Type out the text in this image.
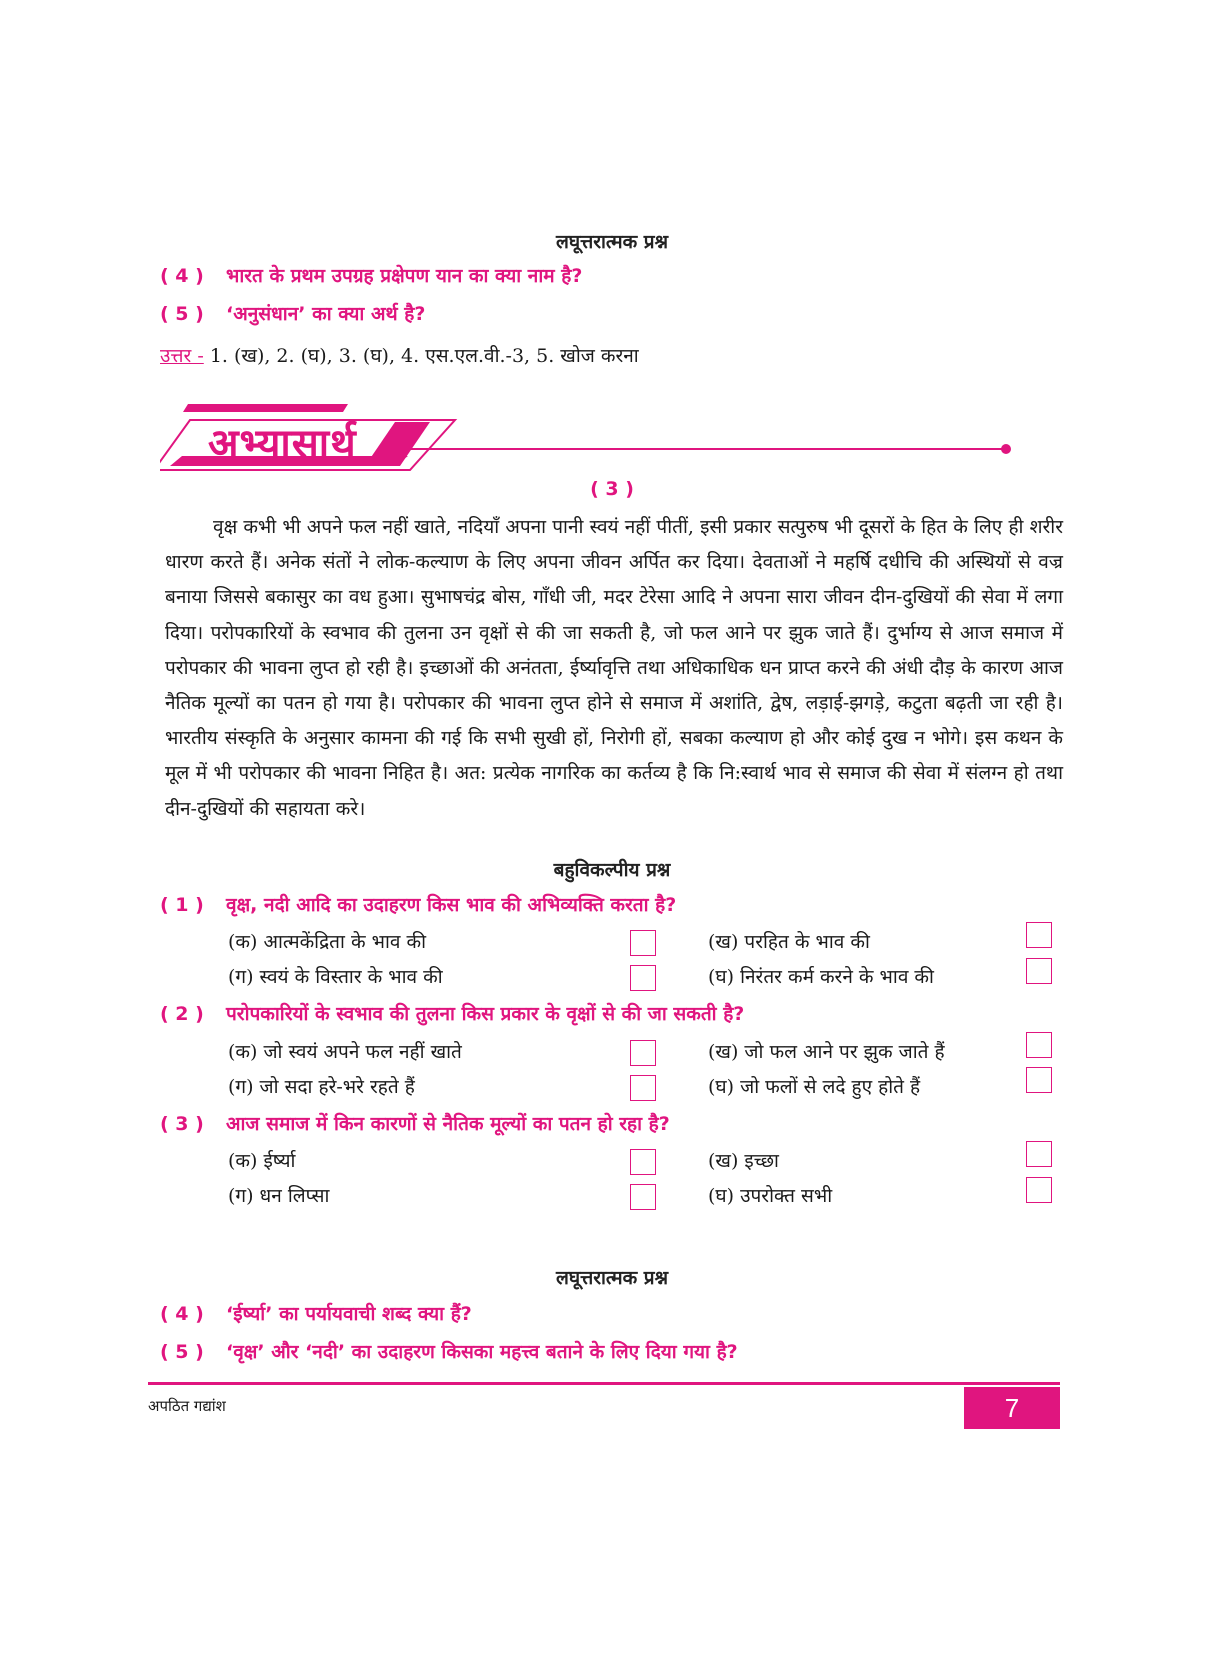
लघूत्तरात्मक प्रश्न
( 4 ) भारत के प्रथम उपग्रह प्रक्षेपण यान का क्या नाम है?
( 5 ) ‘अनुसंधान’ का क्या अर्थ है?
उत्तर - 1. (ख), 2. (घ), 3. (घ), 4. एस.एल.वी.-3, 5. खोज करना
अभ्यासार्थ
( 3 )
वृक्ष कभी भी अपने फल नहीं खाते, नदियाँ अपना पानी स्वयं नहीं पीतीं, इसी प्रकार सत्पुरुष भी दूसरों के हित के लिए ही शरीर धारण करते हैं। अनेक संतों ने लोक-कल्याण के लिए अपना जीवन अर्पित कर दिया। देवताओं ने महर्षि दधीचि की अस्थियों से वज्र बनाया जिससे बकासुर का वध हुआ। सुभाषचंद्र बोस, गाँधी जी, मदर टेरेसा आदि ने अपना सारा जीवन दीन-दुखियों की सेवा में लगा दिया। परोपकारियों के स्वभाव की तुलना उन वृक्षों से की जा सकती है, जो फल आने पर झुक जाते हैं। दुर्भाग्य से आज समाज में परोपकार की भावना लुप्त हो रही है। इच्छाओं की अनंतता, ईर्ष्यावृत्ति तथा अधिकाधिक धन प्राप्त करने की अंधी दौड़ के कारण आज नैतिक मूल्यों का पतन हो गया है। परोपकार की भावना लुप्त होने से समाज में अशांति, द्वेष, लड़ाई-झगड़े, कटुता बढ़ती जा रही है। भारतीय संस्कृति के अनुसार कामना की गई कि सभी सुखी हों, निरोगी हों, सबका कल्याण हो और कोई दुख न भोगे। इस कथन के मूल में भी परोपकार की भावना निहित है। अत: प्रत्येक नागरिक का कर्तव्य है कि नि:स्वार्थ भाव से समाज की सेवा में संलग्न हो तथा दीन-दुखियों की सहायता करे।
बहुविकल्पीय प्रश्न
( 1 ) वृक्ष, नदी आदि का उदाहरण किस भाव की अभिव्यक्ति करता है?
(क) आत्मकेंद्रिता के भाव की	(ख) परहित के भाव की
(ग) स्वयं के विस्तार के भाव की	(घ) निरंतर कर्म करने के भाव की
( 2 ) परोपकारियों के स्वभाव की तुलना किस प्रकार के वृक्षों से की जा सकती है?
(क) जो स्वयं अपने फल नहीं खाते	(ख) जो फल आने पर झुक जाते हैं
(ग) जो सदा हरे-भरे रहते हैं	(घ) जो फलों से लदे हुए होते हैं
( 3 ) आज समाज में किन कारणों से नैतिक मूल्यों का पतन हो रहा है?
(क) ईर्ष्या	(ख) इच्छा
(ग) धन लिप्सा	(घ) उपरोक्त सभी
लघूत्तरात्मक प्रश्न
( 4 ) ‘ईर्ष्या’ का पर्यायवाची शब्द क्या हैं?
( 5 ) ‘वृक्ष’ और ‘नदी’ का उदाहरण किसका महत्त्व बताने के लिए दिया गया है?
अपठित गद्यांश	7
